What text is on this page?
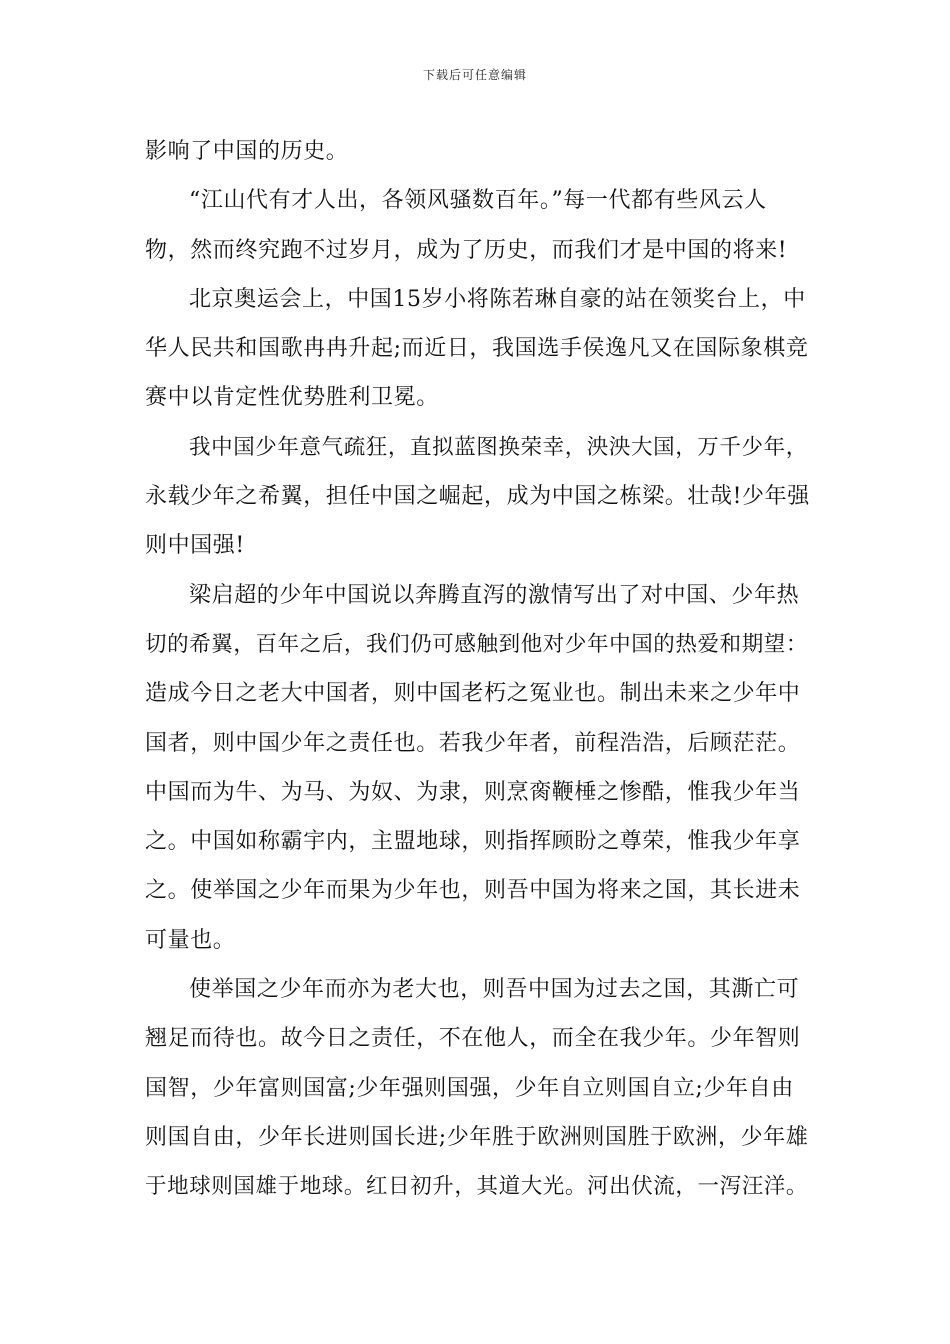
下载后可任意编辑
影响了中国的历史。
“江山代有才人出，各领风骚数百年。”每一代都有些风云人
物，然而终究跑不过岁月，成为了历史，而我们才是中国的将来!
北京奥运会上，中国15岁小将陈若琳自豪的站在领奖台上，中
华人民共和国歌冉冉升起;而近日，我国选手侯逸凡又在国际象棋竞
赛中以肯定性优势胜利卫冕。
我中国少年意气疏狂，直拟蓝图换荣幸，泱泱大国，万千少年，
永载少年之希翼，担任中国之崛起，成为中国之栋梁。壮哉!少年强
则中国强!
梁启超的少年中国说以奔腾直泻的激情写出了对中国、少年热
切的希翼，百年之后，我们仍可感触到他对少年中国的热爱和期望：
造成今日之老大中国者，则中国老朽之冤业也。制出未来之少年中
国者，则中国少年之责任也。若我少年者，前程浩浩，后顾茫茫。
中国而为牛、为马、为奴、为隶，则烹脔鞭棰之惨酷，惟我少年当
之。中国如称霸宇内，主盟地球，则指挥顾盼之尊荣，惟我少年享
之。使举国之少年而果为少年也，则吾中国为将来之国，其长进未
可量也。
使举国之少年而亦为老大也，则吾中国为过去之国，其澌亡可
翘足而待也。故今日之责任，不在他人，而全在我少年。少年智则
国智，少年富则国富;少年强则国强，少年自立则国自立;少年自由
则国自由，少年长进则国长进;少年胜于欧洲则国胜于欧洲，少年雄
于地球则国雄于地球。红日初升，其道大光。河出伏流，一泻汪洋。
